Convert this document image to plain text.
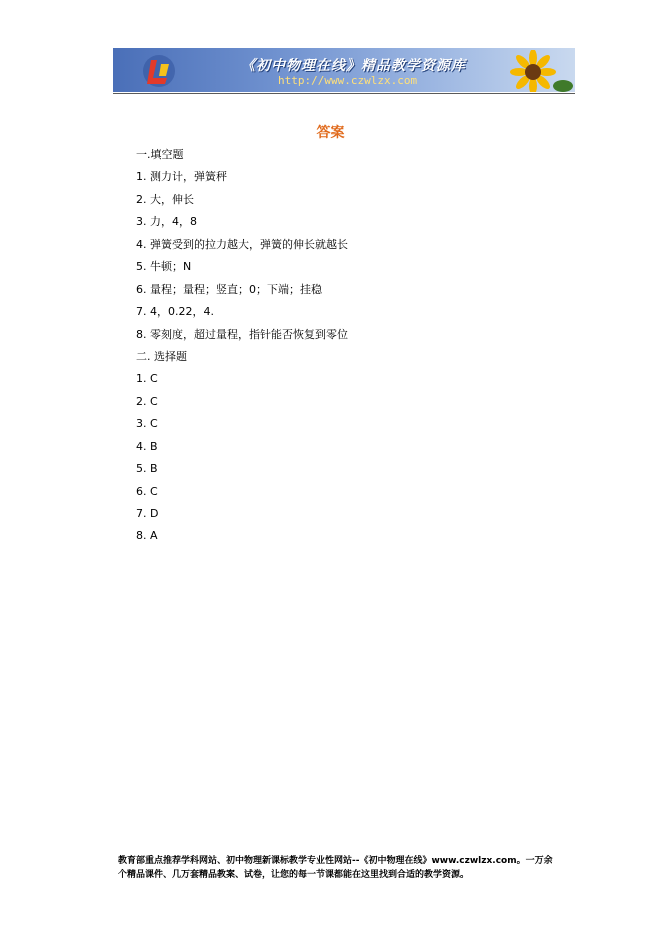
《初中物理在线》精品教学资源库
http://www.czwlzx.com
答案
一.填空题
1. 测力计，弹簧秤
2. 大，伸长
3. 力，4，8
4. 弹簧受到的拉力越大，弹簧的伸长就越长
5. 牛顿；N
6. 量程；量程；竖直；0；下端；挂稳
7. 4，0.22，4.
8. 零刻度，超过量程，指针能否恢复到零位
二. 选择题
1. C
2. C
3. C
4. B
5. B
6. C
7. D
8. A
教育部重点推荐学科网站、初中物理新课标教学专业性网站--《初中物理在线》www.czwlzx.com。一万余
个精品课件、几万套精品教案、试卷，让您的每一节课都能在这里找到合适的教学资源。
